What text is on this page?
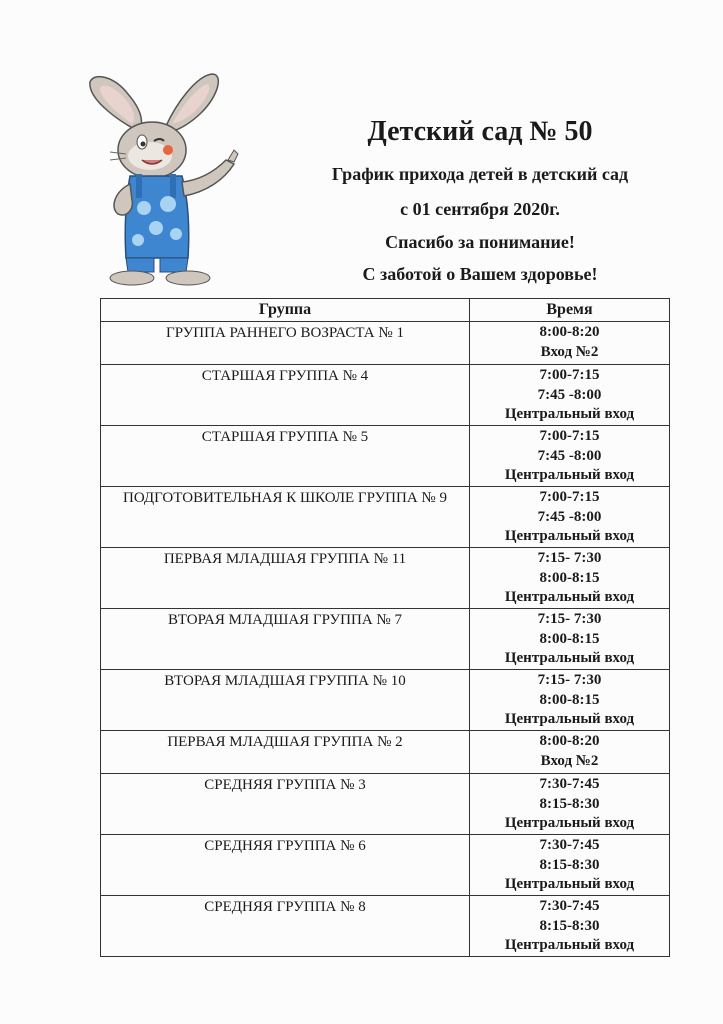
Детский сад № 50
График прихода детей в детский сад
с 01 сентября 2020г.
Спасибо за понимание!
С заботой о Вашем здоровье!
Группа	Время
ГРУППА РАННЕГО ВОЗРАСТА № 1	8:00-8:20
Вход №2

СТАРШАЯ ГРУППА № 4	7:00-7:15
7:45 -8:00
Центральный вход

СТАРШАЯ ГРУППА № 5	7:00-7:15
7:45 -8:00
Центральный вход

ПОДГОТОВИТЕЛЬНАЯ К ШКОЛЕ ГРУППА № 9	7:00-7:15
7:45 -8:00
Центральный вход

ПЕРВАЯ МЛАДШАЯ ГРУППА № 11	7:15- 7:30
8:00-8:15
Центральный вход

ВТОРАЯ МЛАДШАЯ ГРУППА № 7	7:15- 7:30
8:00-8:15
Центральный вход

ВТОРАЯ МЛАДШАЯ ГРУППА № 10	7:15- 7:30
8:00-8:15
Центральный вход

ПЕРВАЯ МЛАДШАЯ ГРУППА № 2	8:00-8:20
Вход №2

СРЕДНЯЯ ГРУППА № 3	7:30-7:45
8:15-8:30
Центральный вход

СРЕДНЯЯ ГРУППА № 6	7:30-7:45
8:15-8:30
Центральный вход

СРЕДНЯЯ ГРУППА № 8	7:30-7:45
8:15-8:30
Центральный вход
